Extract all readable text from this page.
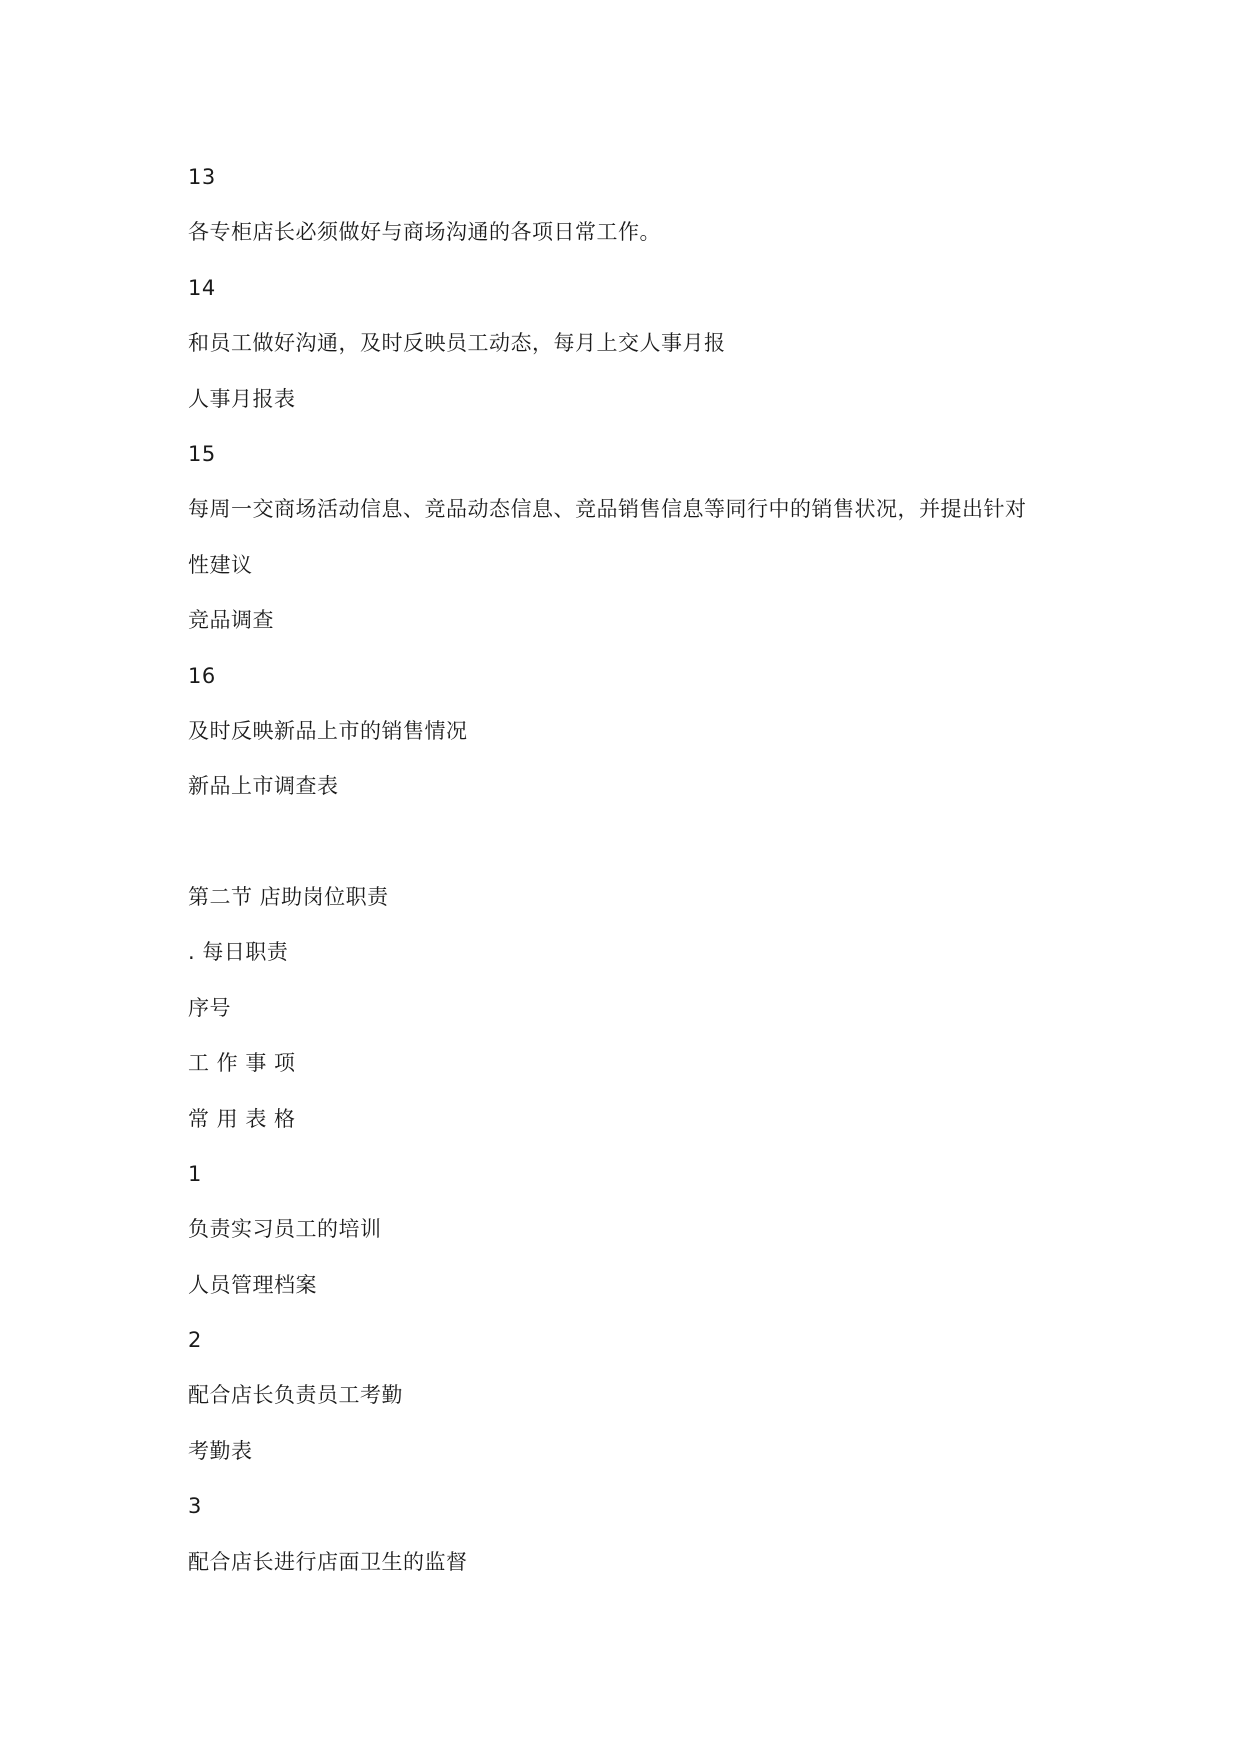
13
各专柜店长必须做好与商场沟通的各项日常工作。
14
和员工做好沟通，及时反映员工动态，每月上交人事月报
人事月报表
15
每周一交商场活动信息、竞品动态信息、竞品销售信息等同行中的销售状况，并提出针对
性建议
竞品调查
16
及时反映新品上市的销售情况
新品上市调查表
第二节 店助岗位职责
. 每日职责
序号
工 作 事 项
常 用 表 格
1
负责实习员工的培训
人员管理档案
2
配合店长负责员工考勤
考勤表
3
配合店长进行店面卫生的监督
